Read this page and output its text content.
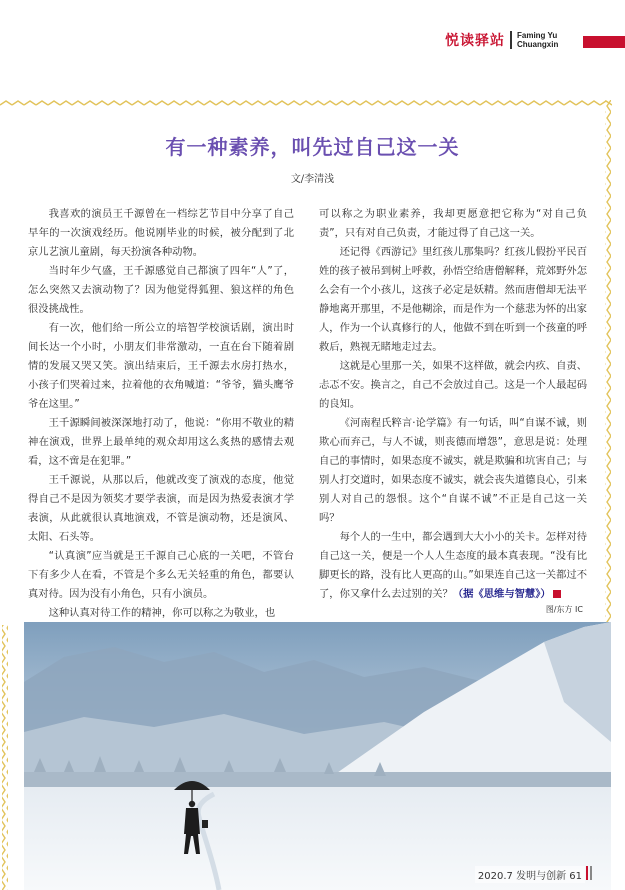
悦读驿站 Faming Yu
Chuangxin
有一种素养，叫先过自己这一关
文/李清浅

我喜欢的演员王千源曾在一档综艺节目中分享了自己早年的一次演戏经历。他说刚毕业的时候，被分配到了北京儿艺演儿童剧，每天扮演各种动物。

当时年少气盛，王千源感觉自己都演了四年“人”了，怎么突然又去演动物了？因为他觉得狐狸、狼这样的角色很没挑战性。

有一次，他们给一所公立的培智学校演话剧，演出时间长达一个小时，小朋友们非常激动，一直在台下随着剧情的发展又哭又笑。演出结束后，王千源去水房打热水，小孩子们哭着过来，拉着他的衣角喊道：“爷爷，猫头鹰爷爷在这里。”

王千源瞬间被深深地打动了，他说：“你用不敬业的精神在演戏，世界上最单纯的观众却用这么炙热的感情去观看，这不啻是在犯罪。”

王千源说，从那以后，他就改变了演戏的态度，他觉得自己不是因为领奖才要学表演，而是因为热爱表演才学表演，从此就很认真地演戏，不管是演动物，还是演风、太阳、石头等。

“认真演”应当就是王千源自己心底的一关吧，不管台下有多少人在看，不管是个多么无关轻重的角色，都要认真对待。因为没有小角色，只有小演员。

这种认真对待工作的精神，你可以称之为敬业，也

可以称之为职业素养，我却更愿意把它称为“对自己负责”，只有对自己负责，才能过得了自己这一关。

还记得《西游记》里红孩儿那集吗？红孩儿假扮平民百姓的孩子被吊到树上呼救，孙悟空给唐僧解释，荒郊野外怎么会有一个小孩儿，这孩子必定是妖精。然而唐僧却无法平静地离开那里，不是他糊涂，而是作为一个慈悲为怀的出家人，作为一个认真修行的人，他做不到在听到一个孩童的呼救后，熟视无睹地走过去。

这就是心里那一关，如果不这样做，就会内疚、自责、忐忑不安。换言之，自己不会放过自己。这是一个人最起码的良知。

《河南程氏粹言·论学篇》有一句话，叫“自谋不诚，则欺心而弃己，与人不诚，则丧德而增怨”，意思是说：处理自己的事情时，如果态度不诚实，就是欺骗和坑害自己；与别人打交道时，如果态度不诚实，就会丧失道德良心，引来别人对自己的怨恨。这个“自谋不诚”不正是自己这一关吗？

每个人的一生中，都会遇到大大小小的关卡。怎样对待自己这一关，便是一个人人生态度的最本真表现。“没有比脚更长的路，没有比人更高的山。”如果连自己这一关都过不了，你又拿什么去过别的关？（据《思维与智慧》）

图/东方 IC
2020.7 发明与创新 61
